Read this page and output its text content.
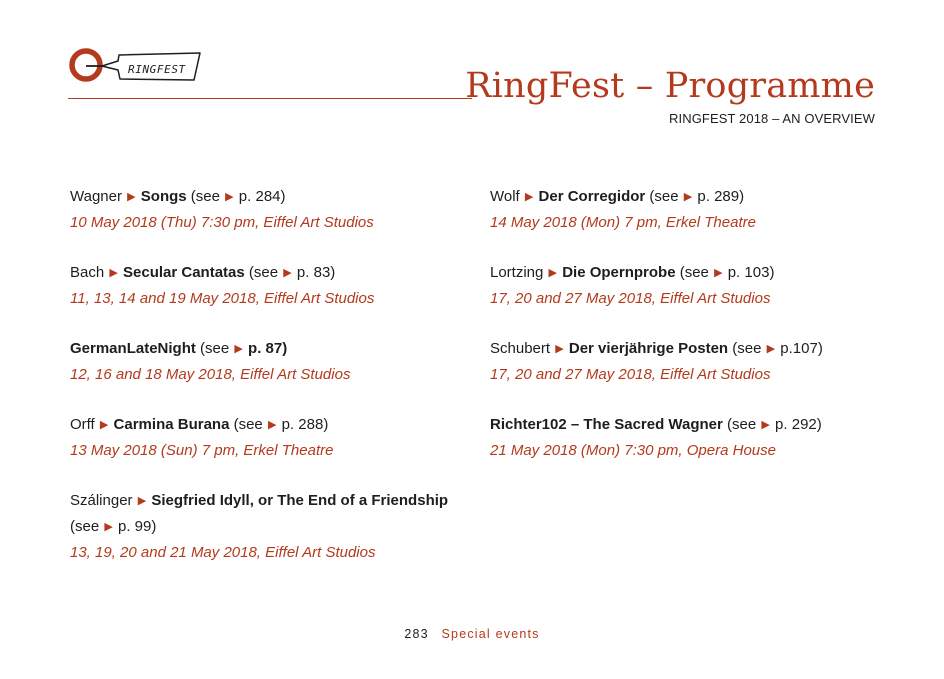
RINGFEST	RingFest – Programme
RINGFEST 2018 – AN OVERVIEW
Wagner ▶ Songs (see ▶ p. 284)
10 May 2018 (Thu) 7:30 pm, Eiffel Art Studios
Bach ▶ Secular Cantatas (see ▶ p. 83)
11, 13, 14 and 19 May 2018, Eiffel Art Studios
GermanLateNight (see ▶ p. 87)
12, 16 and 18 May 2018, Eiffel Art Studios
Orff ▶ Carmina Burana (see ▶ p. 288)
13 May 2018 (Sun) 7 pm, Erkel Theatre
Szálinger ▶ Siegfried Idyll, or The End of a Friendship
(see ▶ p. 99)
13, 19, 20 and 21 May 2018, Eiffel Art Studios
Wolf ▶ Der Corregidor (see ▶ p. 289)
14 May 2018 (Mon) 7 pm, Erkel Theatre
Lortzing ▶ Die Opernprobe (see ▶ p. 103)
17, 20 and 27 May 2018, Eiffel Art Studios
Schubert ▶ Der vierjährige Posten (see ▶ p.107)
17, 20 and 27 May 2018, Eiffel Art Studios
Richter102 – The Sacred Wagner (see ▶ p. 292)
21 May 2018 (Mon) 7:30 pm, Opera House
283 Special events
